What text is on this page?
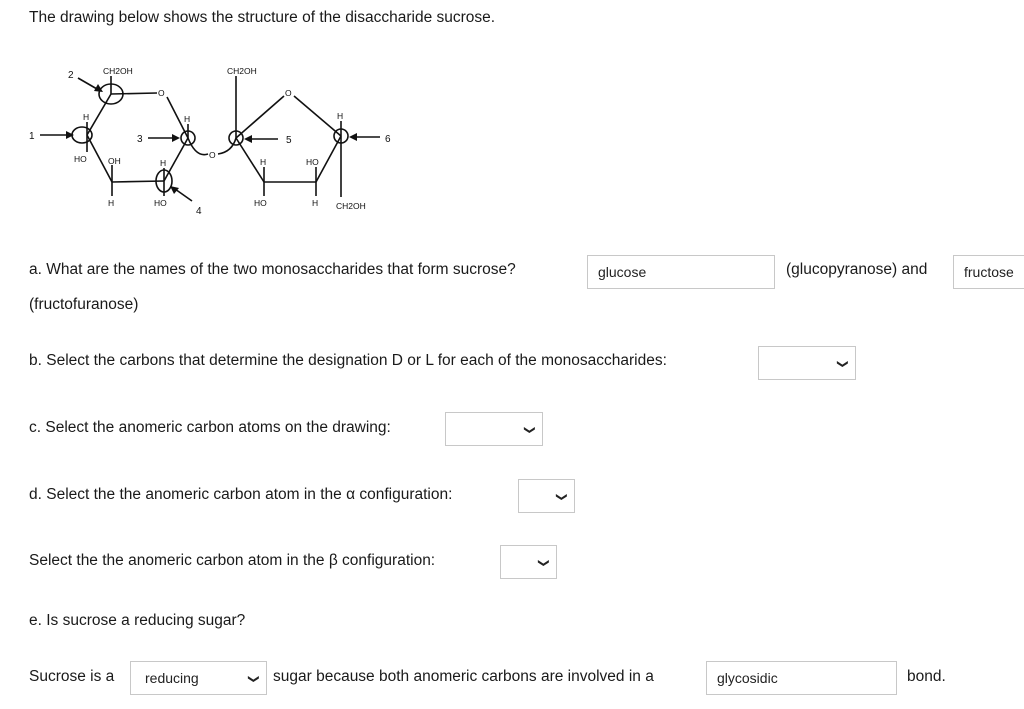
The drawing below shows the structure of the disaccharide sucrose.
CH2OH	CH2OH
CH2OH
O	O
O
H
HO	OH
H
H
HO
H
H
HO
HO
H
H
1
2
3
4
5	6
a. What are the names of the two monosaccharides that form sucrose?	glucose	(glucopyranose) and	fructose
(fructofuranose)
b. Select the carbons that determine the designation D or L for each of the monosaccharides:	❯
c. Select the anomeric carbon atoms on the drawing:	❯
d. Select the the anomeric carbon atom in the α configuration:	❯
Select the the anomeric carbon atom in the β configuration:	❯
e. Is sucrose a reducing sugar?
Sucrose is a	reducing	❯ sugar because both anomeric carbons are involved in a	glycosidic	bond.
